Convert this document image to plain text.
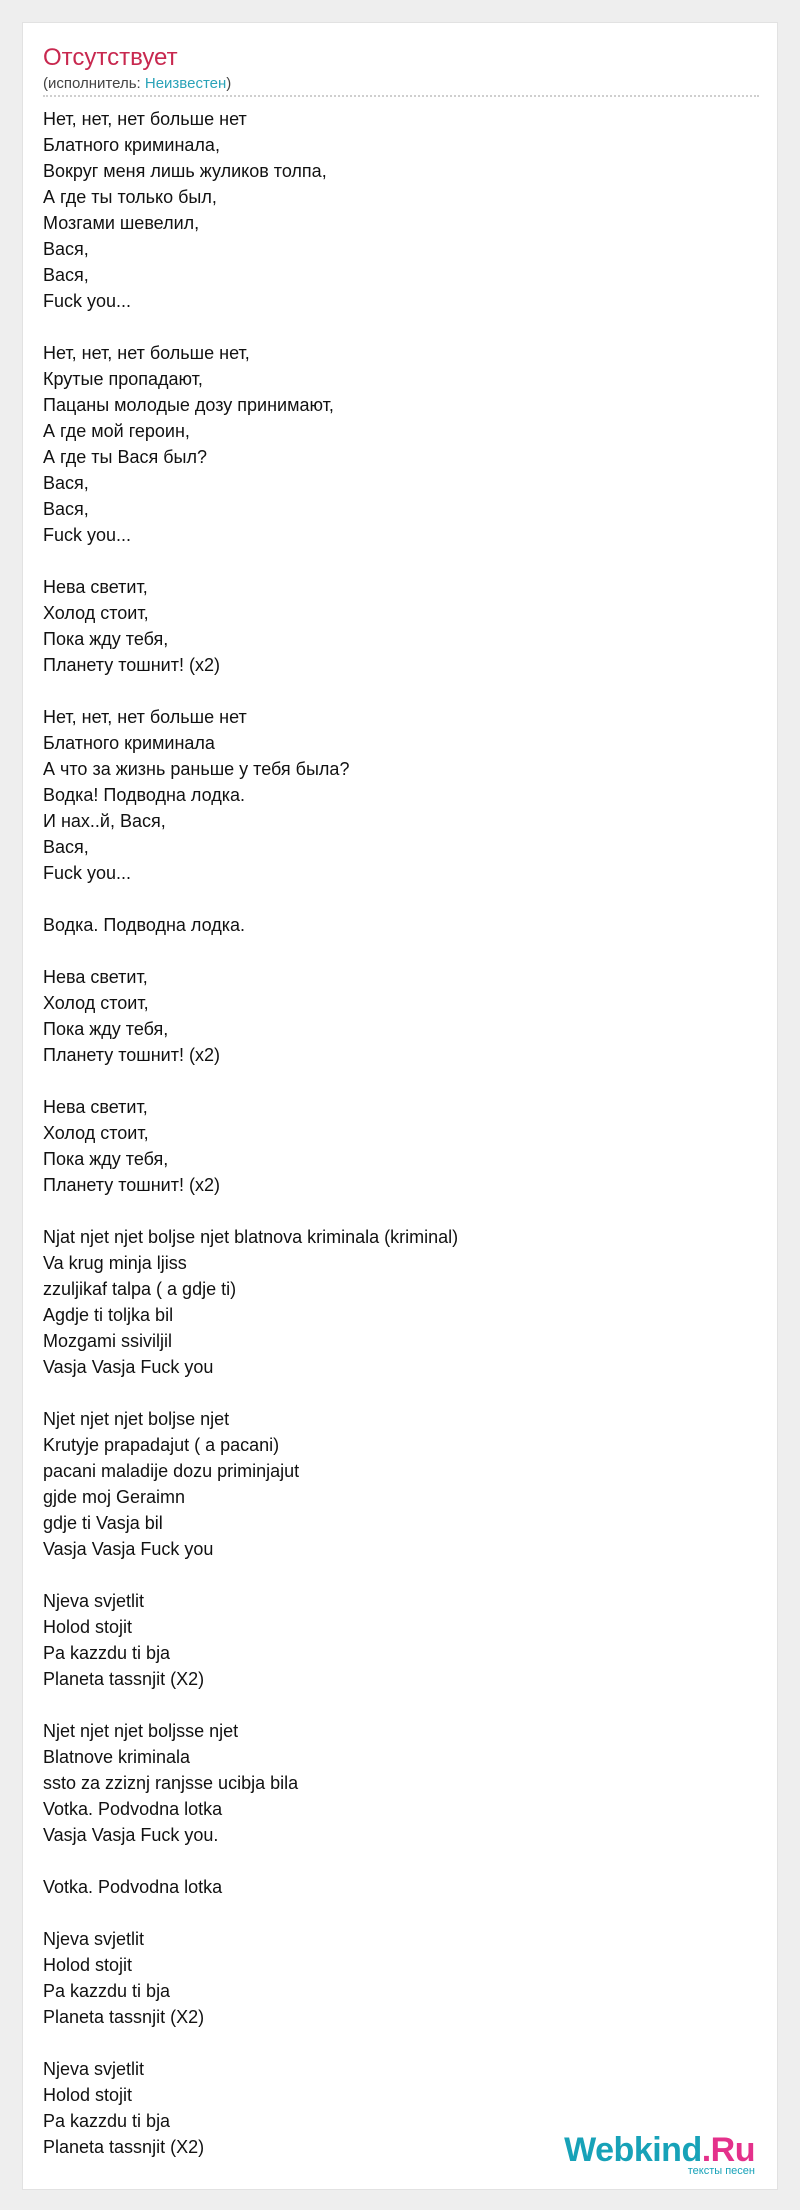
Отсутствует
(исполнитель: Неизвестен)
Нет, нет, нет больше нет
Блатного криминала,
Вокруг меня лишь жуликов толпа,
А где ты только был,
Мозгами шевелил,
Вася,
Вася,
Fuck you...
Нет, нет, нет больше нет,
Крутые пропадают,
Пацаны молодые дозу принимают,
А где мой героин,
А где ты Вася был?
Вася,
Вася,
Fuck you...
Нева светит,
Холод стоит,
Пока жду тебя,
Планету тошнит! (x2)
Нет, нет, нет больше нет
Блатного криминала
А что за жизнь раньше у тебя была?
Водка! Подводна лодка.
И нах..й, Вася,
Вася,
Fuck you...
Водка. Подводна лодка.
Нева светит,
Холод стоит,
Пока жду тебя,
Планету тошнит! (x2)
Нева светит,
Холод стоит,
Пока жду тебя,
Планету тошнит! (x2)
Njat njet njet boljse njet blatnova kriminala (kriminal)
Va krug minja ljiss
zzuljikaf talpa ( a gdje ti)
Agdje ti toljka bil
Mozgami ssiviljil
Vasja Vasja Fuck you
Njet njet njet boljse njet
Krutyje prapadajut ( a pacani)
pacani maladije dozu priminjajut
gjde moj Geraimn
gdje ti Vasja bil
Vasja Vasja Fuck you
Njeva svjetlit
Holod stojit
Pa kazzdu ti bja
Planeta tassnjit (X2)
Njet njet njet boljsse njet
Blatnove kriminala
ssto za zziznj ranjsse ucibja bila
Votka. Podvodna lotka
Vasja Vasja Fuck you.
Votka. Podvodna lotka
Njeva svjetlit
Holod stojit
Pa kazzdu ti bja
Planeta tassnjit (X2)
Njeva svjetlit
Holod stojit
Pa kazzdu ti bja
Planeta tassnjit (X2)	Webkind.Ru
тексты песен
